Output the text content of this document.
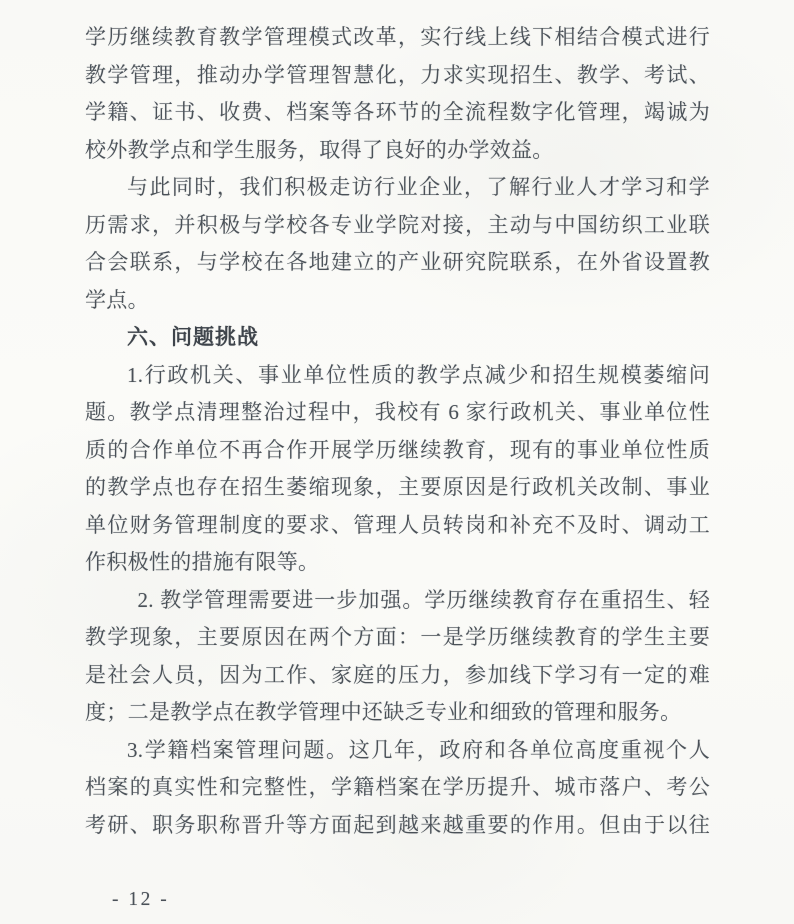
学历继续教育教学管理模式改革，实行线上线下相结合模式进行
教学管理，推动办学管理智慧化，力求实现招生、教学、考试、
学籍、证书、收费、档案等各环节的全流程数字化管理，竭诚为
校外教学点和学生服务，取得了良好的办学效益。
与此同时，我们积极走访行业企业，了解行业人才学习和学
历需求，并积极与学校各专业学院对接，主动与中国纺织工业联
合会联系，与学校在各地建立的产业研究院联系，在外省设置教
学点。
六、问题挑战
1.行政机关、事业单位性质的教学点减少和招生规模萎缩问
题。教学点清理整治过程中，我校有 6 家行政机关、事业单位性
质的合作单位不再合作开展学历继续教育，现有的事业单位性质
的教学点也存在招生萎缩现象，主要原因是行政机关改制、事业
单位财务管理制度的要求、管理人员转岗和补充不及时、调动工
作积极性的措施有限等。
2. 教学管理需要进一步加强。学历继续教育存在重招生、轻
教学现象，主要原因在两个方面：一是学历继续教育的学生主要
是社会人员，因为工作、家庭的压力，参加线下学习有一定的难
度；二是教学点在教学管理中还缺乏专业和细致的管理和服务。
3.学籍档案管理问题。这几年，政府和各单位高度重视个人
档案的真实性和完整性，学籍档案在学历提升、城市落户、考公
考研、职务职称晋升等方面起到越来越重要的作用。但由于以往
- 12 -
